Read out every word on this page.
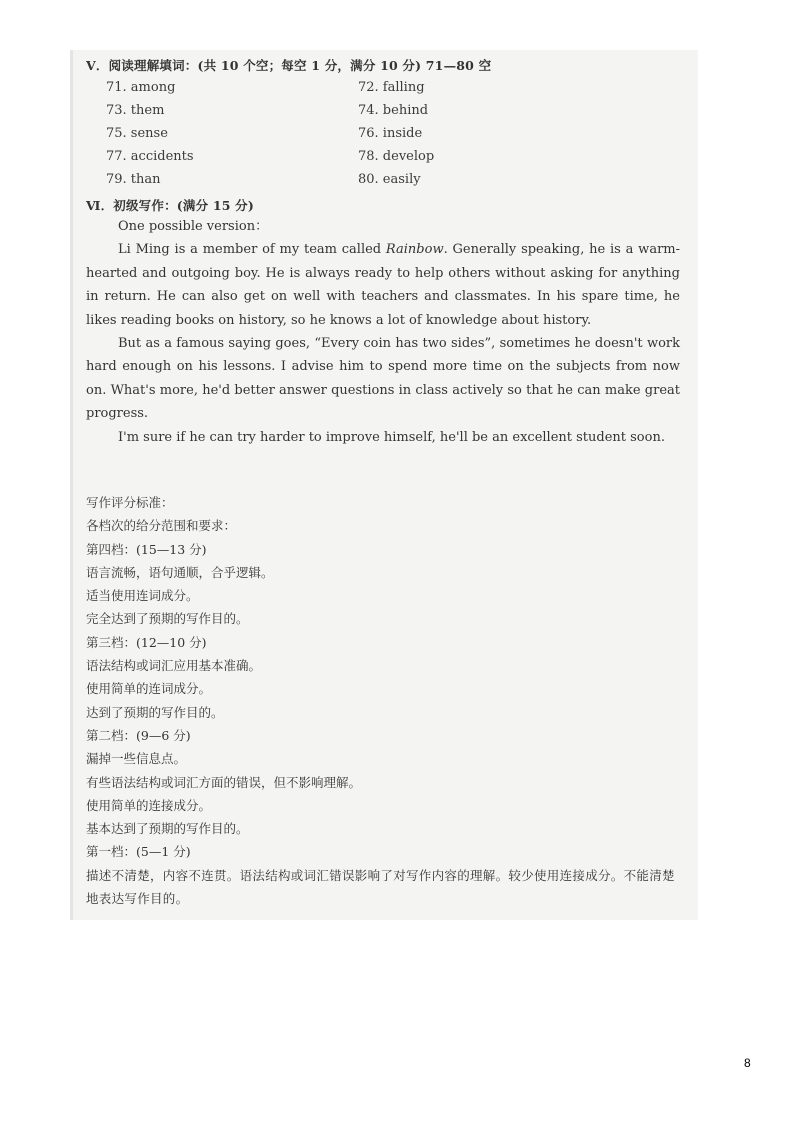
V．阅读理解填词：(共 10 个空；每空 1 分，满分 10 分) 71—80 空
71. among	72. falling
73. them	74. behind
75. sense	76. inside
77. accidents	78. develop
79. than	80. easily
Ⅵ．初级写作：(满分 15 分)

One possible version：

Li Ming is a member of my team called Rainbow. Generally speaking, he is a warm-hearted and outgoing boy. He is always ready to help others without asking for anything in return. He can also get on well with teachers and classmates. In his spare time, he likes reading books on history, so he knows a lot of knowledge about history.

But as a famous saying goes, “Every coin has two sides”, sometimes he doesn't work hard enough on his lessons. I advise him to spend more time on the subjects from now on. What's more, he'd better answer questions in class actively so that he can make great progress.

I'm sure if he can try harder to improve himself, he'll be an excellent student soon.

写作评分标准：
各档次的给分范围和要求：
第四档：(15—13 分)
语言流畅，语句通顺，合乎逻辑。
适当使用连词成分。
完全达到了预期的写作目的。
第三档：(12—10 分)
语法结构或词汇应用基本准确。
使用简单的连词成分。
达到了预期的写作目的。
第二档：(9—6 分)
漏掉一些信息点。
有些语法结构或词汇方面的错误，但不影响理解。
使用简单的连接成分。
基本达到了预期的写作目的。
第一档：(5—1 分)
描述不清楚，内容不连贯。语法结构或词汇错误影响了对写作内容的理解。较少使用连接成分。不能清楚地表达写作目的。
8
